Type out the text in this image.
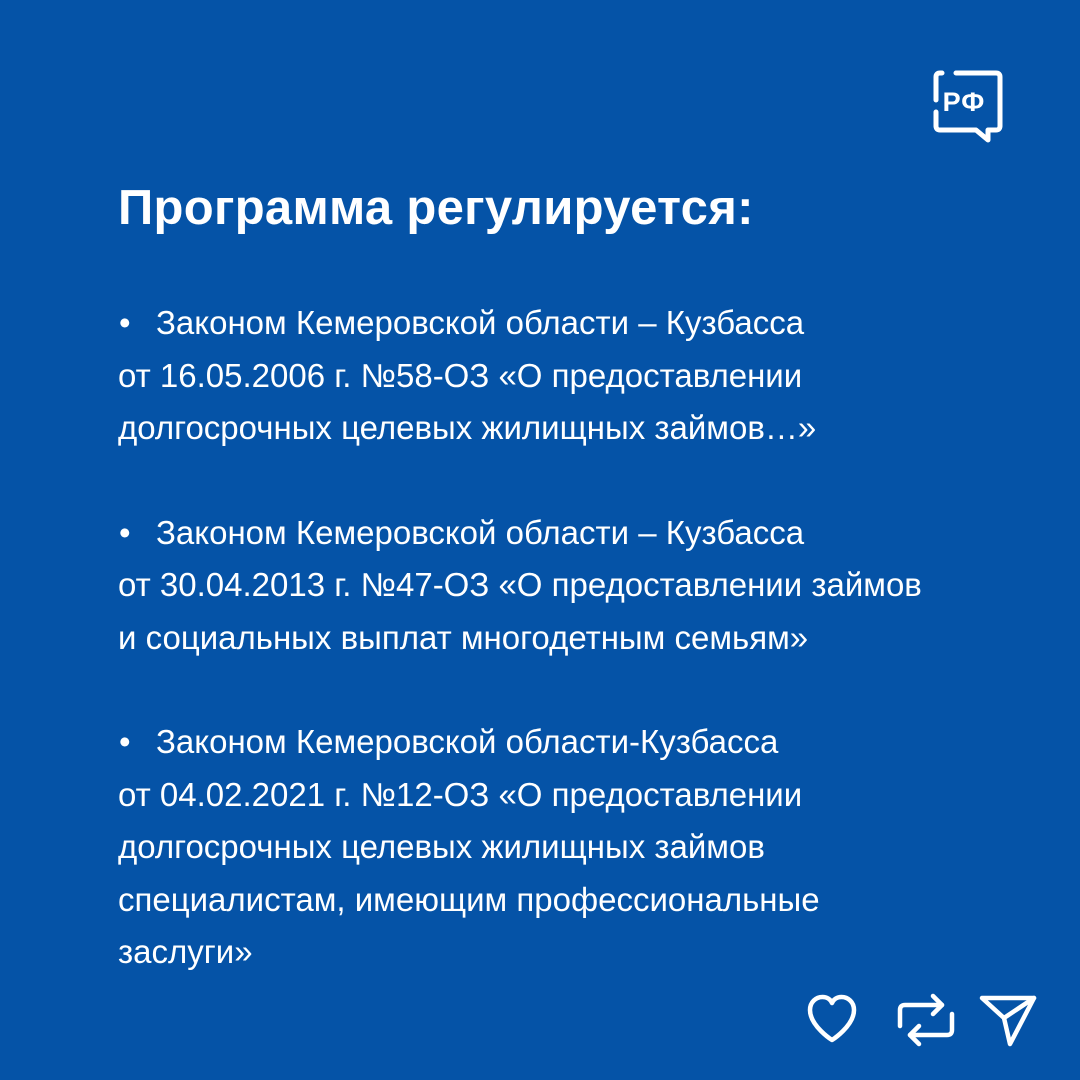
РФ
Программа регулируется:
• Законом Кемеровской области – Кузбасса
от 16.05.2006 г. №58-ОЗ «О предоставлении
долгосрочных целевых жилищных займов…»
• Законом Кемеровской области – Кузбасса
от 30.04.2013 г. №47-ОЗ «О предоставлении займов
и социальных выплат многодетным семьям»
• Законом Кемеровской области-Кузбасса
от 04.02.2021 г. №12-ОЗ «О предоставлении
долгосрочных целевых жилищных займов
специалистам, имеющим профессиональные
заслуги»
